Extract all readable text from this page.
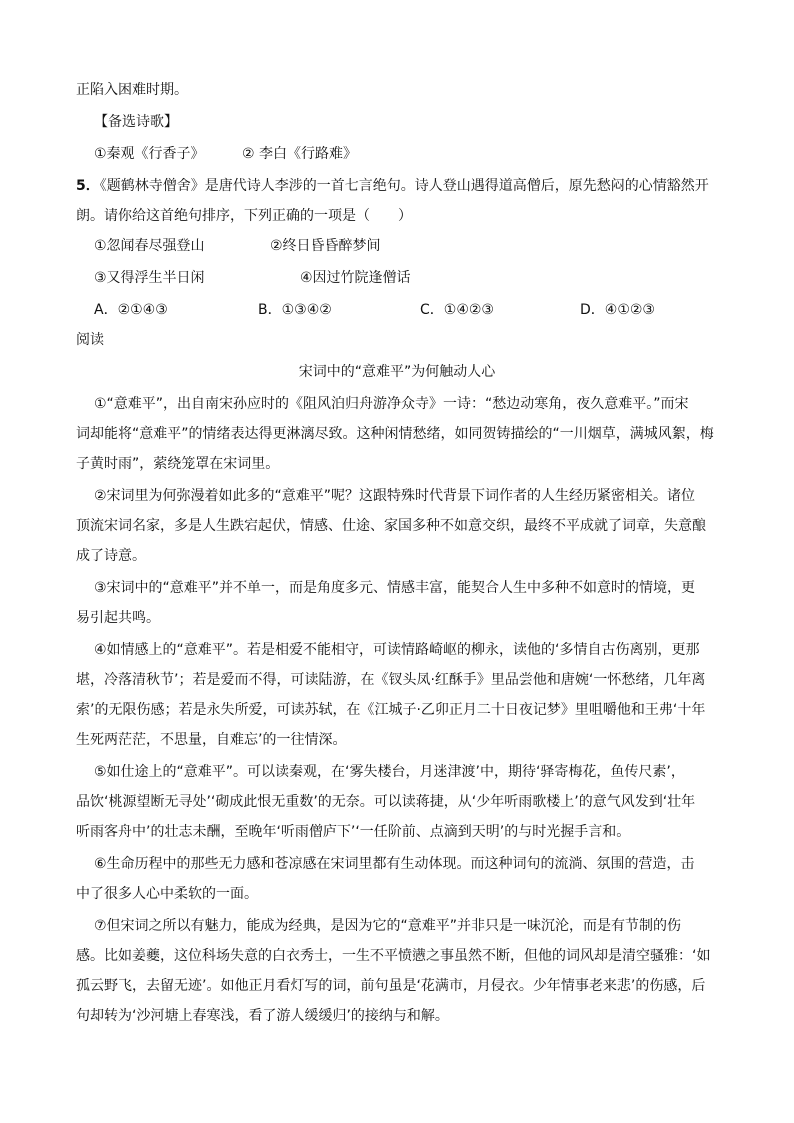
正陷入困难时期。
【备选诗歌】
①秦观《行香子》	② 李白《行路难》
5．《题鹤林寺僧舍》是唐代诗人李涉的一首七言绝句。诗人登山遇得道高僧后，原先愁闷的心情豁然开
朗。请你给这首绝句排序，下列正确的一项是（　　）
①忽闻春尽强登山	②终日昏昏醉梦间
③又得浮生半日闲	④因过竹院逢僧话
A．②①④③	B．①③④②	C．①④②③	D．④①②③
阅读
宋词中的“意难平”为何触动人心
①“意难平”，出自南宋孙应时的《阻风泊归舟游净众寺》一诗：“愁边动寒角，夜久意难平。”而宋
词却能将“意难平”的情绪表达得更淋漓尽致。这种闲情愁绪，如同贺铸描绘的“一川烟草，满城风絮，梅
子黄时雨”，萦绕笼罩在宋词里。
②宋词里为何弥漫着如此多的“意难平”呢？这跟特殊时代背景下词作者的人生经历紧密相关。诸位
顶流宋词名家，多是人生跌宕起伏，情感、仕途、家国多种不如意交织，最终不平成就了词章，失意酿
成了诗意。
③宋词中的“意难平”并不单一，而是角度多元、情感丰富，能契合人生中多种不如意时的情境，更
易引起共鸣。
④如情感上的“意难平”。若是相爱不能相守，可读情路崎岖的柳永，读他的‘多情自古伤离别，更那
堪，冷落清秋节’；若是爱而不得，可读陆游，在《钗头凤·红酥手》里品尝他和唐婉‘一怀愁绪，几年离
索’的无限伤感；若是永失所爱，可读苏轼，在《江城子·乙卯正月二十日夜记梦》里咀嚼他和王弗‘十年
生死两茫茫，不思量，自难忘’的一往情深。
⑤如仕途上的“意难平”。可以读秦观，在‘雾失楼台，月迷津渡’中，期待‘驿寄梅花，鱼传尺素’，
品饮‘桃源望断无寻处’‘砌成此恨无重数’的无奈。可以读蒋捷，从‘少年听雨歌楼上’的意气风发到‘壮年
听雨客舟中’的壮志未酬，至晚年‘听雨僧庐下’‘一任阶前、点滴到天明’的与时光握手言和。
⑥生命历程中的那些无力感和苍凉感在宋词里都有生动体现。而这种词句的流淌、氛围的营造，击
中了很多人心中柔软的一面。
⑦但宋词之所以有魅力，能成为经典，是因为它的“意难平”并非只是一味沉沦，而是有节制的伤
感。比如姜夔，这位科场失意的白衣秀士，一生不平愤懑之事虽然不断，但他的词风却是清空骚雅：‘如
孤云野飞，去留无迹’。如他正月看灯写的词，前句虽是‘花满市，月侵衣。少年情事老来悲’的伤感，后
句却转为‘沙河塘上春寒浅，看了游人缓缓归’的接纳与和解。
